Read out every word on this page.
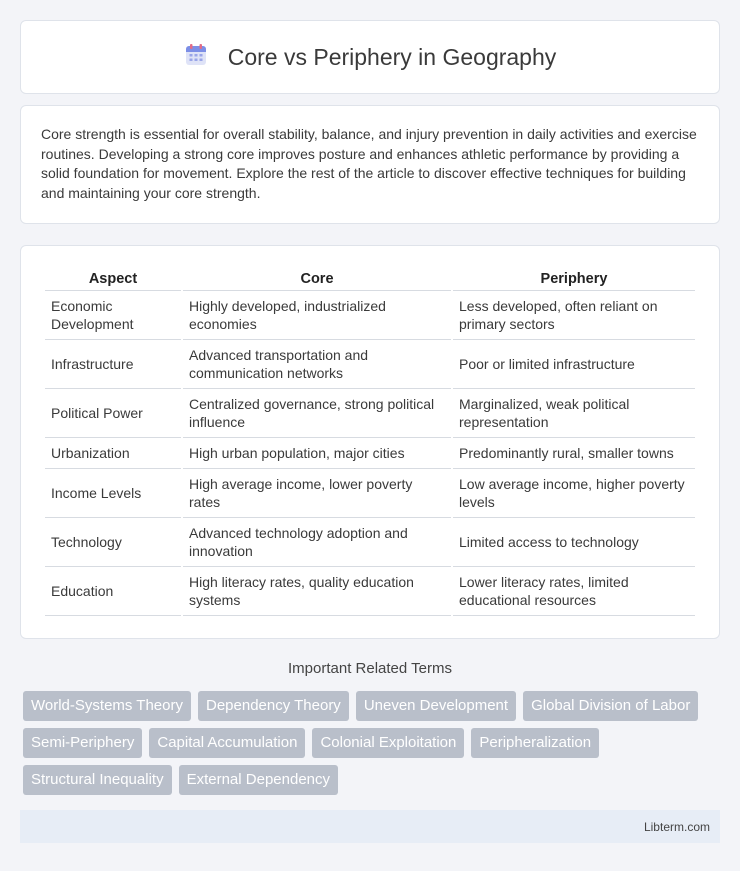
Core vs Periphery in Geography

Core strength is essential for overall stability, balance, and injury prevention in daily activities and exercise routines. Developing a strong core improves posture and enhances athletic performance by providing a solid foundation for movement. Explore the rest of the article to discover effective techniques for building and maintaining your core strength.

Aspect	Core	Periphery
Economic Development	Highly developed, industrialized economies	Less developed, often reliant on primary sectors
Infrastructure	Advanced transportation and communication networks	Poor or limited infrastructure
Political Power	Centralized governance, strong political influence	Marginalized, weak political representation
Urbanization	High urban population, major cities	Predominantly rural, smaller towns
Income Levels	High average income, lower poverty rates	Low average income, higher poverty levels
Technology	Advanced technology adoption and innovation	Limited access to technology
Education	High literacy rates, quality education systems	Lower literacy rates, limited educational resources
Important Related Terms
World-Systems Theory	Dependency Theory	Uneven Development	Global Division of Labor
Semi-Periphery	Capital Accumulation	Colonial Exploitation	Peripheralization
Structural Inequality	External Dependency
Libterm.com
